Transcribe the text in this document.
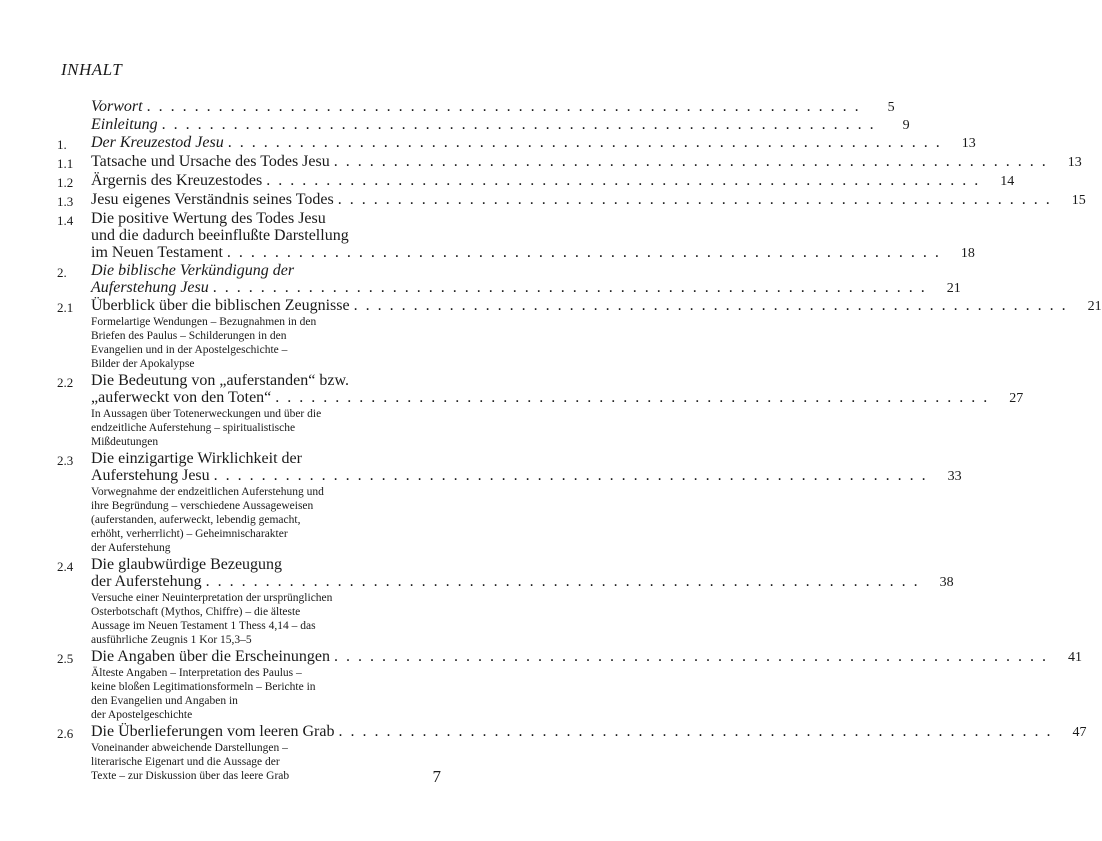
INHALT
Vorwort ............................................................	5
Einleitung ............................................................	9
1.	Der Kreuzestod Jesu ............................................................	13
1.1	Tatsache und Ursache des Todes Jesu ............................................................	13
1.2	Ärgernis des Kreuzestodes ............................................................	14
1.3	Jesu eigenes Verständnis seines Todes ............................................................	15
1.4	Die positive Wertung des Todes Jesu
und die dadurch beeinflußte Darstellung
im Neuen Testament ............................................................	18
2.	Die biblische Verkündigung der
Auferstehung Jesu ............................................................	21
2.1	Überblick über die biblischen Zeugnisse ............................................................	21
Formelartige Wendungen – Bezugnahmen in den
Briefen des Paulus – Schilderungen in den
Evangelien und in der Apostelgeschichte –
Bilder der Apokalypse
2.2	Die Bedeutung von „auferstanden“ bzw.
„auferweckt von den Toten“ ............................................................	27
In Aussagen über Totenerweckungen und über die
endzeitliche Auferstehung – spiritualistische
Mißdeutungen
2.3	Die einzigartige Wirklichkeit der
Auferstehung Jesu ............................................................	33
Vorwegnahme der endzeitlichen Auferstehung und
ihre Begründung – verschiedene Aussageweisen
(auferstanden, auferweckt, lebendig gemacht,
erhöht, verherrlicht) – Geheimnischarakter
der Auferstehung
2.4	Die glaubwürdige Bezeugung
der Auferstehung ............................................................	38
Versuche einer Neuinterpretation der ursprünglichen
Osterbotschaft (Mythos, Chiffre) – die älteste
Aussage im Neuen Testament 1 Thess 4,14 – das
ausführliche Zeugnis 1 Kor 15,3–5
2.5	Die Angaben über die Erscheinungen ............................................................	41
Älteste Angaben – Interpretation des Paulus –
keine bloßen Legitimationsformeln – Berichte in
den Evangelien und Angaben in
der Apostelgeschichte
2.6	Die Überlieferungen vom leeren Grab ............................................................	47
Voneinander abweichende Darstellungen –
literarische Eigenart und die Aussage der
Texte – zur Diskussion über das leere Grab	7
